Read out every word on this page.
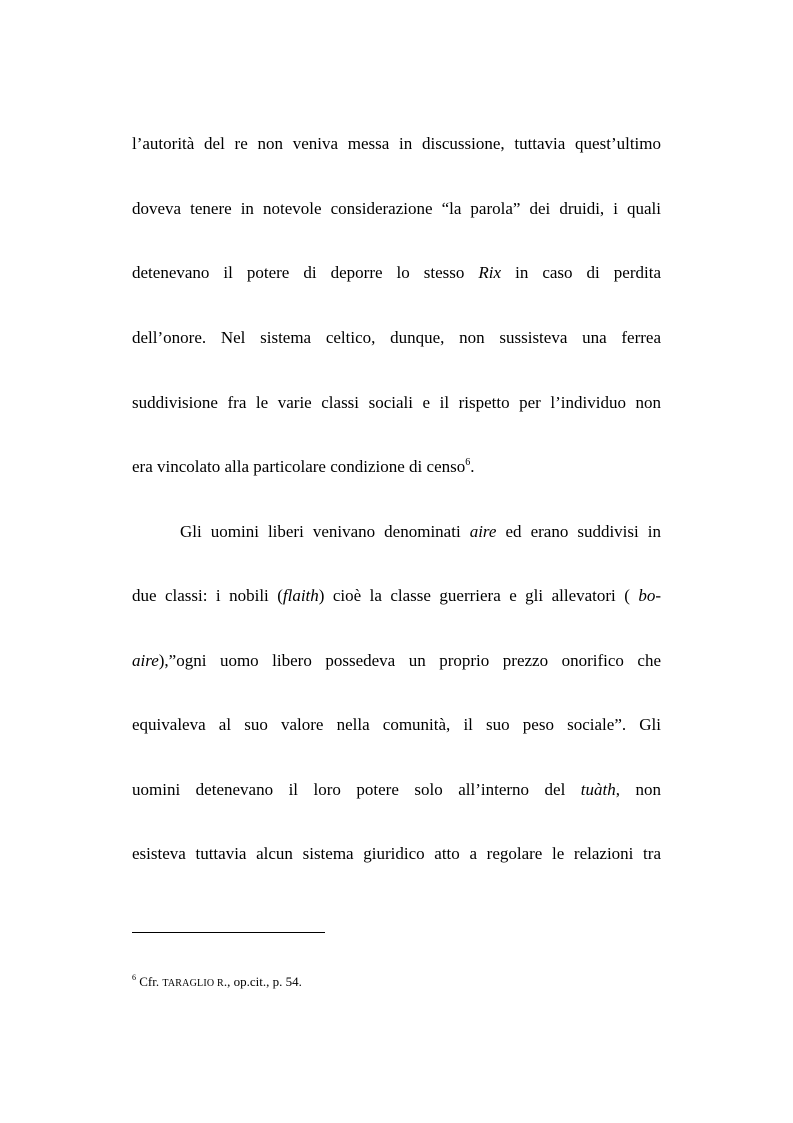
l’autorità del re non veniva messa in discussione, tuttavia quest’ultimo
doveva tenere in notevole considerazione “la parola” dei druidi, i quali
detenevano il potere di deporre lo stesso Rix in caso di perdita
dell’onore. Nel sistema celtico, dunque, non sussisteva una ferrea
suddivisione fra le varie classi sociali e il rispetto per l’individuo non
era vincolato alla particolare condizione di censo$^6$.
Gli uomini liberi venivano denominati aire ed erano suddivisi in
due classi: i nobili (flaith) cioè la classe guerriera e gli allevatori ( bo-
aire),”ogni uomo libero possedeva un proprio prezzo onorifico che
equivaleva al suo valore nella comunità, il suo peso sociale”. Gli
uomini detenevano il loro potere solo all’interno del tuàth, non
esisteva tuttavia alcun sistema giuridico atto a regolare le relazioni tra
$^6$ Cfr. TARAGLIO R., op.cit., p. 54.
